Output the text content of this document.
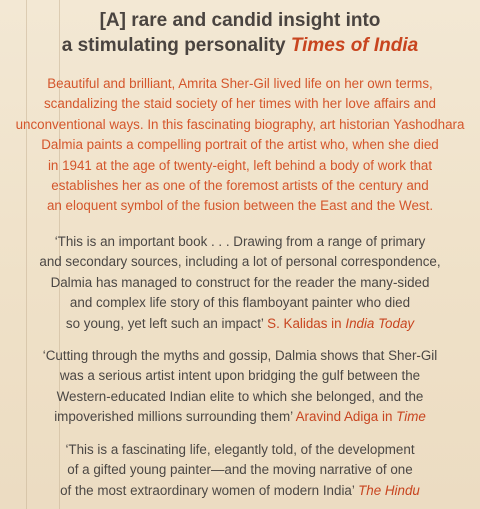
[A] rare and candid insight into
a stimulating personality Times of India
Beautiful and brilliant, Amrita Sher-Gil lived life on her own terms,
scandalizing the staid society of her times with her love affairs and
unconventional ways. In this fascinating biography, art historian Yashodhara
Dalmia paints a compelling portrait of the artist who, when she died
in 1941 at the age of twenty-eight, left behind a body of work that
establishes her as one of the foremost artists of the century and
an eloquent symbol of the fusion between the East and the West.
‘This is an important book . . . Drawing from a range of primary
and secondary sources, including a lot of personal correspondence,
Dalmia has managed to construct for the reader the many-sided
and complex life story of this flamboyant painter who died
so young, yet left such an impact’ S. Kalidas in India Today
‘Cutting through the myths and gossip, Dalmia shows that Sher-Gil
was a serious artist intent upon bridging the gulf between the
Western-educated Indian elite to which she belonged, and the
impoverished millions surrounding them’ Aravind Adiga in Time
‘This is a fascinating life, elegantly told, of the development
of a gifted young painter—and the moving narrative of one
of the most extraordinary women of modern India’ The Hindu
